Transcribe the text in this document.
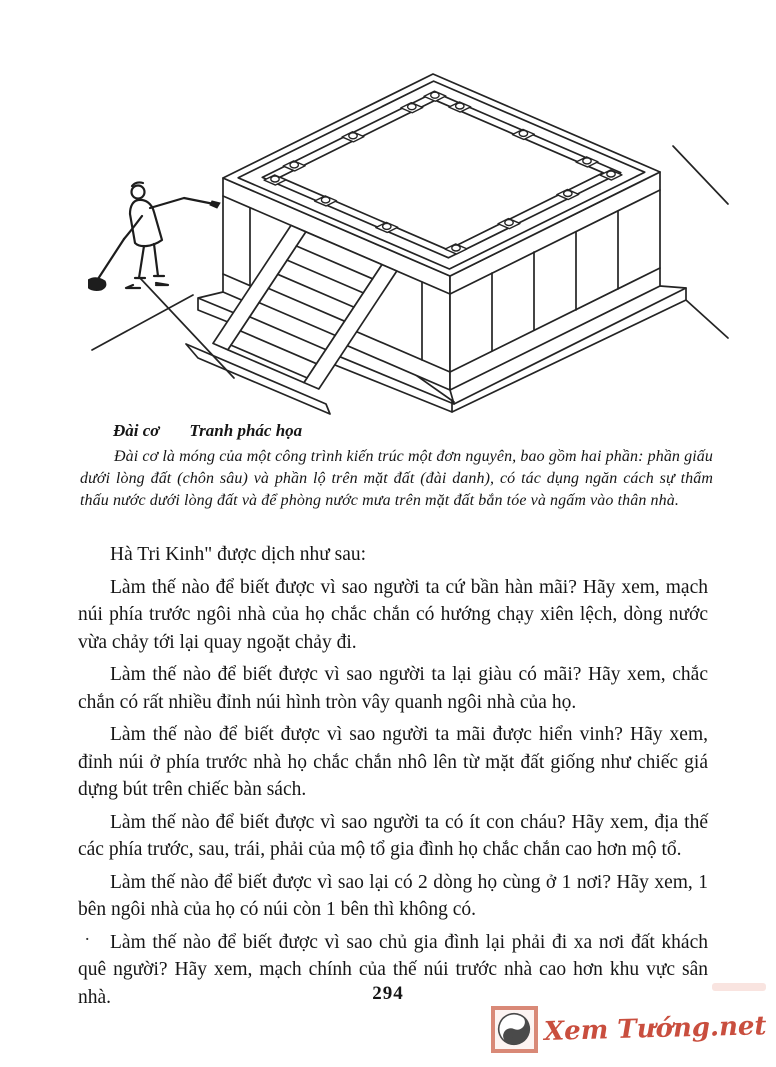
Đài cơ Tranh phác họa
Đài cơ là móng của một công trình kiến trúc một đơn nguyên, bao gồm hai phần: phần giấu dưới lòng đất (chôn sâu) và phần lộ trên mặt đất (đài danh), có tác dụng ngăn cách sự thẩm thấu nước dưới lòng đất và để phòng nước mưa trên mặt đất bắn tóe và ngấm vào thân nhà.

Hà Tri Kinh" được dịch như sau:

Làm thế nào để biết được vì sao người ta cứ bần hàn mãi? Hãy xem, mạch núi phía trước ngôi nhà của họ chắc chắn có hướng chạy xiên lệch, dòng nước vừa chảy tới lại quay ngoặt chảy đi.

Làm thế nào để biết được vì sao người ta lại giàu có mãi? Hãy xem, chắc chắn có rất nhiều đỉnh núi hình tròn vây quanh ngôi nhà của họ.

Làm thế nào để biết được vì sao người ta mãi được hiển vinh? Hãy xem, đỉnh núi ở phía trước nhà họ chắc chắn nhô lên từ mặt đất giống như chiếc giá dựng bút trên chiếc bàn sách.

Làm thế nào để biết được vì sao người ta có ít con cháu? Hãy xem, địa thế các phía trước, sau, trái, phải của mộ tổ gia đình họ chắc chắn cao hơn mộ tổ.

Làm thế nào để biết được vì sao lại có 2 dòng họ cùng ở 1 nơi? Hãy xem, 1 bên ngôi nhà của họ có núi còn 1 bên thì không có.

Làm thế nào để biết được vì sao chủ gia đình lại phải đi xa nơi đất khách quê người? Hãy xem, mạch chính của thế núi trước nhà cao hơn khu vực sân nhà.

.
294
Xem Tướng.net
